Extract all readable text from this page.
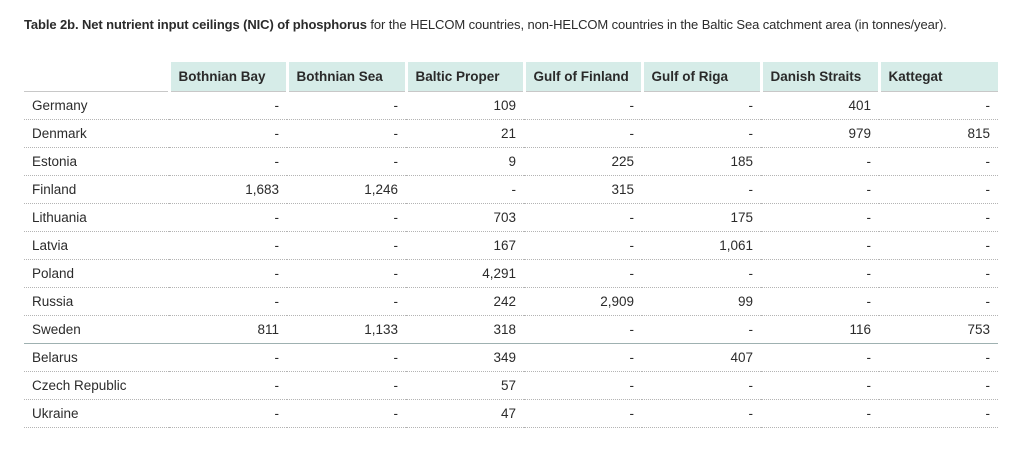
Table 2b. Net nutrient input ceilings (NIC) of phosphorus for the HELCOM countries, non-HELCOM countries in the Baltic Sea catchment area (in tonnes/year).
	Bothnian Bay	Bothnian Sea	Baltic Proper	Gulf of Finland	Gulf of Riga	Danish Straits	Kattegat
Germany	-	-	109	-	-	401	-
Denmark	-	-	21	-	-	979	815
Estonia	-	-	9	225	185	-	-
Finland	1,683	1,246	-	315	-	-	-
Lithuania	-	-	703	-	175	-	-
Latvia	-	-	167	-	1,061	-	-
Poland	-	-	4,291	-	-	-	-
Russia	-	-	242	2,909	99	-	-
Sweden	811	1,133	318	-	-	116	753
Belarus	-	-	349	-	407	-	-
Czech Republic	-	-	57	-	-	-	-
Ukraine	-	-	47	-	-	-	-
